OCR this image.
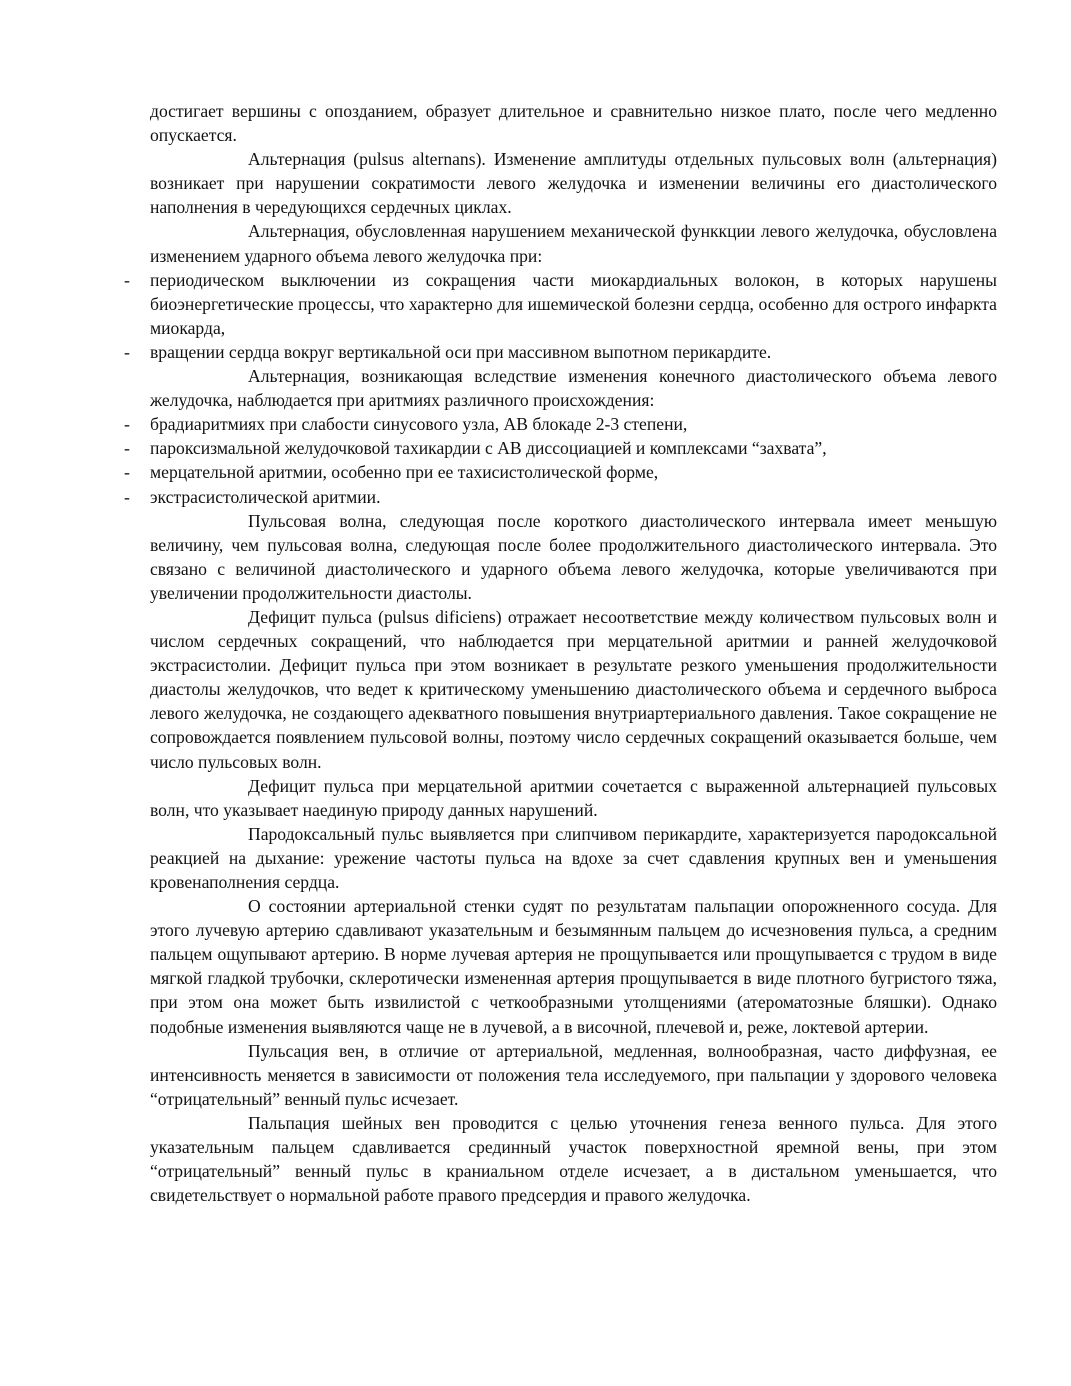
достигает вершины с опозданием, образует длительное и сравнительно низкое плато, после чего медленно опускается.

Альтернация (pulsus alternans). Изменение амплитуды отдельных пульсовых волн (альтернация) возникает при нарушении сократимости левого желудочка и изменении величины его диастолического наполнения в чередующихся сердечных циклах.

Альтернация, обусловленная нарушением механической функкции левого желудочка, обусловлена изменением ударного объема левого желудочка при:

- периодическом выключении из сокращения части миокардиальных волокон, в которых нарушены биоэнергетические процессы, что характерно для ишемической болезни сердца, особенно для острого инфаркта миокарда,
- вращении сердца вокруг вертикальной оси при массивном выпотном перикардите.

Альтернация, возникающая вследствие изменения конечного диастолического объема левого желудочка, наблюдается при аритмиях различного происхождения:

- брадиаритмиях при слабости синусового узла, АВ блокаде 2-3 степени,
- пароксизмальной желудочковой тахикардии с АВ диссоциацией и комплексами “захвата”,
- мерцательной аритмии, особенно при ее тахисистолической форме,
- экстрасистолической аритмии.

Пульсовая волна, следующая после короткого диастолического интервала имеет меньшую величину, чем пульсовая волна, следующая после более продолжительного диастолического интервала. Это связано с величиной диастолического и ударного объема левого желудочка, которые увеличиваются при увеличении продолжительности диастолы.

Дефицит пульса (pulsus dificiens) отражает несоответствие между количеством пульсовых волн и числом сердечных сокращений, что наблюдается при мерцательной аритмии и ранней желудочковой экстрасистолии. Дефицит пульса при этом возникает в результате резкого уменьшения продолжительности диастолы желудочков, что ведет к критическому уменьшению диастолического объема и сердечного выброса левого желудочка, не создающего адекватного повышения внутриартериального давления. Такое сокращение не сопровождается появлением пульсовой волны, поэтому число сердечных сокращений оказывается больше, чем число пульсовых волн.

Дефицит пульса при мерцательной аритмии сочетается с выраженной альтернацией пульсовых волн, что указывает наединую природу данных нарушений.

Пародоксальный пульс выявляется при слипчивом перикардите, характеризуется пародоксальной реакцией на дыхание: урежение частоты пульса на вдохе за счет сдавления крупных вен и уменьшения кровенаполнения сердца.

О состоянии артериальной стенки судят по результатам пальпации опорожненного сосуда. Для этого лучевую артерию сдавливают указательным и безымянным пальцем до исчезновения пульса, а средним пальцем ощупывают артерию. В норме лучевая артерия не прощупывается или прощупывается с трудом в виде мягкой гладкой трубочки, склеротически измененная артерия прощупывается в виде плотного бугристого тяжа, при этом она может быть извилистой с четкообразными утолщениями (атероматозные бляшки). Однако подобные изменения выявляются чаще не в лучевой, а в височной, плечевой и, реже, локтевой артерии.

Пульсация вен, в отличие от артериальной, медленная, волнообразная, часто диффузная, ее интенсивность меняется в зависимости от положения тела исследуемого, при пальпации у здорового человека “отрицательный” венный пульс исчезает.

Пальпация шейных вен проводится с целью уточнения генеза венного пульса. Для этого указательным пальцем сдавливается срединный участок поверхностной яремной вены, при этом “отрицательный” венный пульс в краниальном отделе исчезает, а в дистальном уменьшается, что свидетельствует о нормальной работе правого предсердия и правого желудочка.
